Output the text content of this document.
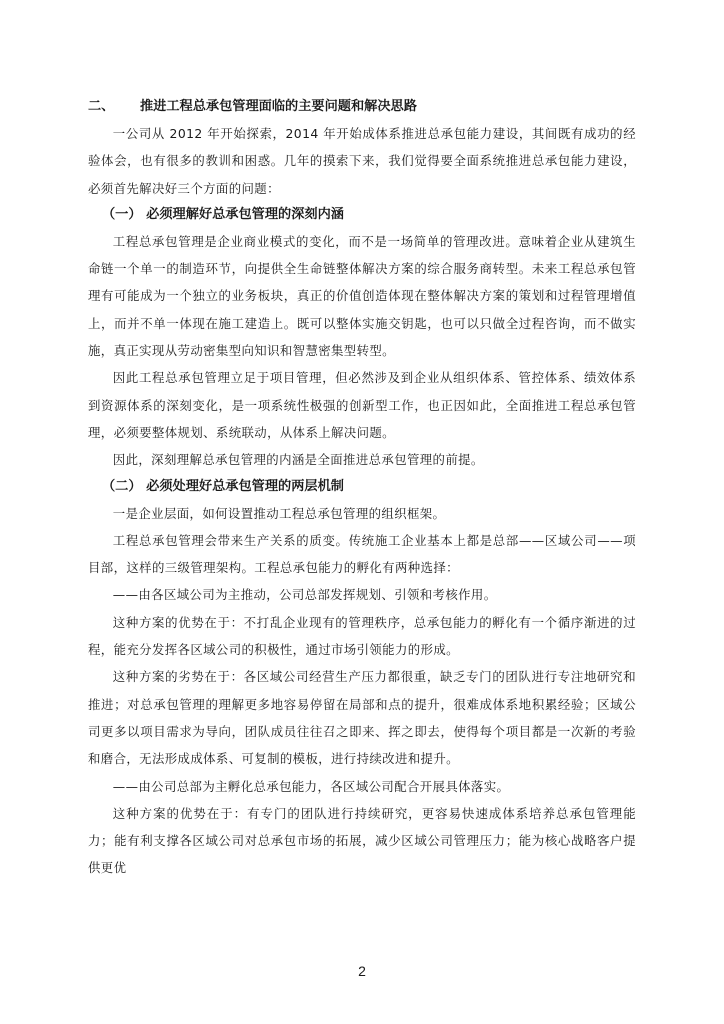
二、 推进工程总承包管理面临的主要问题和解决思路

一公司从 2012 年开始探索，2014 年开始成体系推进总承包能力建设，其间既有成功的经验体会，也有很多的教训和困惑。几年的摸索下来，我们觉得要全面系统推进总承包能力建设，必须首先解决好三个方面的问题：

（一） 必须理解好总承包管理的深刻内涵

工程总承包管理是企业商业模式的变化，而不是一场简单的管理改进。意味着企业从建筑生命链一个单一的制造环节，向提供全生命链整体解决方案的综合服务商转型。未来工程总承包管理有可能成为一个独立的业务板块，真正的价值创造体现在整体解决方案的策划和过程管理增值上，而并不单一体现在施工建造上。既可以整体实施交钥匙，也可以只做全过程咨询，而不做实施，真正实现从劳动密集型向知识和智慧密集型转型。

因此工程总承包管理立足于项目管理，但必然涉及到企业从组织体系、管控体系、绩效体系到资源体系的深刻变化，是一项系统性极强的创新型工作，也正因如此，全面推进工程总承包管理，必须要整体规划、系统联动，从体系上解决问题。

因此，深刻理解总承包管理的内涵是全面推进总承包管理的前提。

（二） 必须处理好总承包管理的两层机制

一是企业层面，如何设置推动工程总承包管理的组织框架。

工程总承包管理会带来生产关系的质变。传统施工企业基本上都是总部——区域公司——项目部，这样的三级管理架构。工程总承包能力的孵化有两种选择：

——由各区域公司为主推动，公司总部发挥规划、引领和考核作用。

这种方案的优势在于：不打乱企业现有的管理秩序，总承包能力的孵化有一个循序渐进的过程，能充分发挥各区域公司的积极性，通过市场引领能力的形成。

这种方案的劣势在于：各区域公司经营生产压力都很重，缺乏专门的团队进行专注地研究和推进；对总承包管理的理解更多地容易停留在局部和点的提升，很难成体系地积累经验；区域公司更多以项目需求为导向，团队成员往往召之即来、挥之即去，使得每个项目都是一次新的考验和磨合，无法形成成体系、可复制的模板，进行持续改进和提升。

——由公司总部为主孵化总承包能力，各区域公司配合开展具体落实。

这种方案的优势在于：有专门的团队进行持续研究，更容易快速成体系培养总承包管理能力；能有利支撑各区域公司对总承包市场的拓展，减少区域公司管理压力；能为核心战略客户提供更优

2
